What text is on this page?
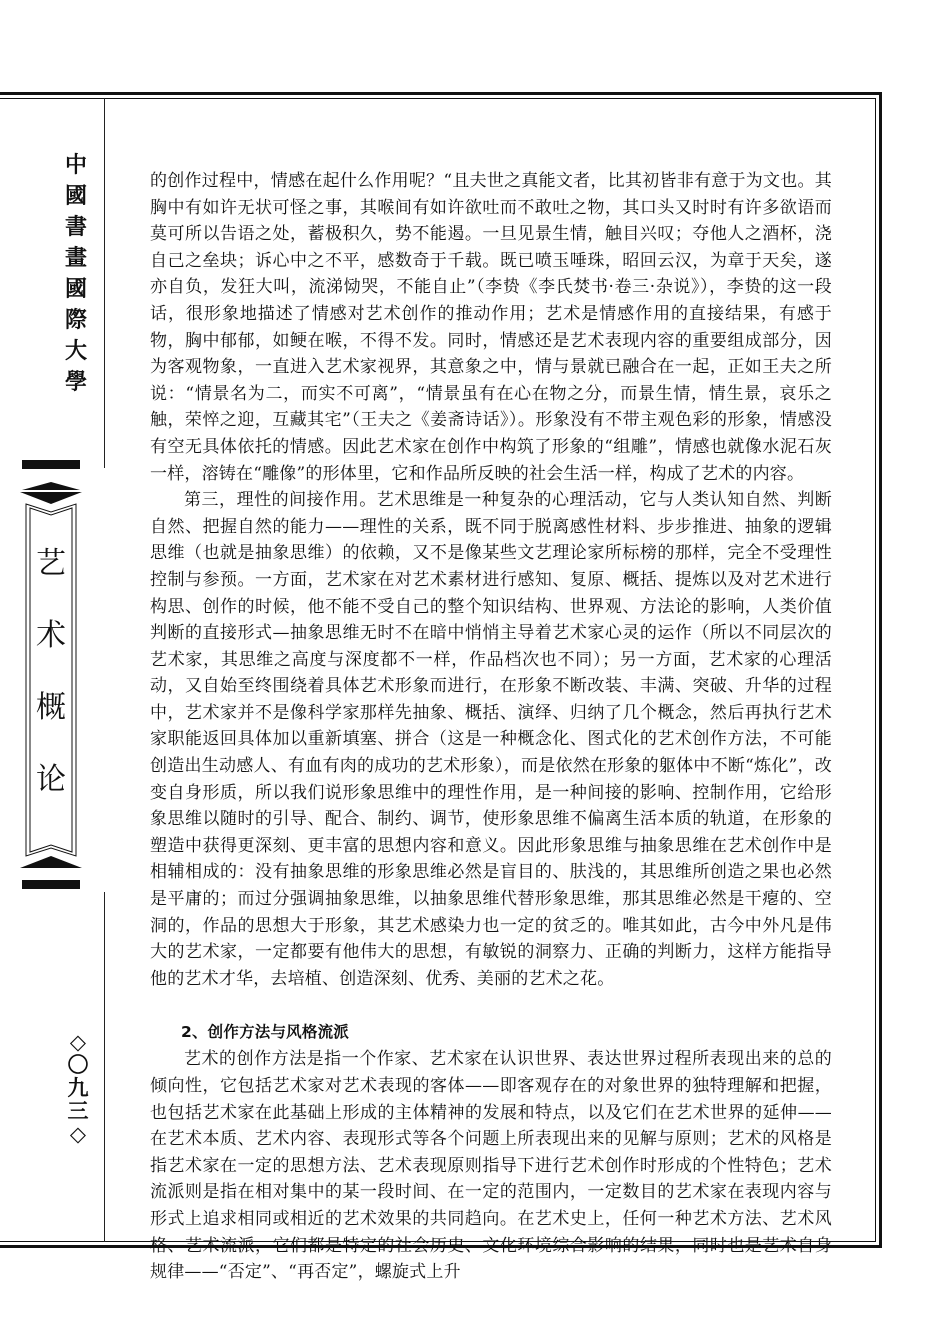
中
國
書
畫
國
際
大
學
艺
术
概
论
◇
〇
九
三
◇

的创作过程中，情感在起什么作用呢？“且夫世之真能文者，比其初皆非有意于为文也。其胸中有如许无状可怪之事，其喉间有如许欲吐而不敢吐之物，其口头又时时有许多欲语而莫可所以告语之处，蓄极积久，势不能遏。一旦见景生情，触目兴叹；夺他人之酒杯，浇自己之垒块；诉心中之不平，感数奇于千载。既已喷玉唾珠，昭回云汉，为章于天矣，遂亦自负，发狂大叫，流涕恸哭，不能自止”（李贽《李氏焚书·卷三·杂说》），李贽的这一段话，很形象地描述了情感对艺术创作的推动作用；艺术是情感作用的直接结果，有感于物，胸中郁郁，如鲠在喉，不得不发。同时，情感还是艺术表现内容的重要组成部分，因为客观物象，一直进入艺术家视界，其意象之中，情与景就已融合在一起，正如王夫之所说：“情景名为二，而实不可离”，“情景虽有在心在物之分，而景生情，情生景，哀乐之触，荣悴之迎，互藏其宅”（王夫之《姜斋诗话》）。形象没有不带主观色彩的形象，情感没有空无具体依托的情感。因此艺术家在创作中构筑了形象的“组雕”，情感也就像水泥石灰一样，溶铸在“雕像”的形体里，它和作品所反映的社会生活一样，构成了艺术的内容。

第三，理性的间接作用。艺术思维是一种复杂的心理活动，它与人类认知自然、判断自然、把握自然的能力——理性的关系，既不同于脱离感性材料、步步推进、抽象的逻辑思维（也就是抽象思维）的依赖，又不是像某些文艺理论家所标榜的那样，完全不受理性控制与参预。一方面，艺术家在对艺术素材进行感知、复原、概括、提炼以及对艺术进行构思、创作的时候，他不能不受自己的整个知识结构、世界观、方法论的影响，人类价值判断的直接形式—抽象思维无时不在暗中悄悄主导着艺术家心灵的运作（所以不同层次的艺术家，其思维之高度与深度都不一样，作品档次也不同）；另一方面，艺术家的心理活动，又自始至终围绕着具体艺术形象而进行，在形象不断改装、丰满、突破、升华的过程中，艺术家并不是像科学家那样先抽象、概括、演绎、归纳了几个概念，然后再执行艺术家职能返回具体加以重新填塞、拼合（这是一种概念化、图式化的艺术创作方法，不可能创造出生动感人、有血有肉的成功的艺术形象），而是依然在形象的躯体中不断“炼化”，改变自身形质，所以我们说形象思维中的理性作用，是一种间接的影响、控制作用，它给形象思维以随时的引导、配合、制约、调节，使形象思维不偏离生活本质的轨道，在形象的塑造中获得更深刻、更丰富的思想内容和意义。因此形象思维与抽象思维在艺术创作中是相辅相成的：没有抽象思维的形象思维必然是盲目的、肤浅的，其思维所创造之果也必然是平庸的；而过分强调抽象思维，以抽象思维代替形象思维，那其思维必然是干瘪的、空洞的，作品的思想大于形象，其艺术感染力也一定的贫乏的。唯其如此，古今中外凡是伟大的艺术家，一定都要有他伟大的思想，有敏锐的洞察力、正确的判断力，这样方能指导他的艺术才华，去培植、创造深刻、优秀、美丽的艺术之花。

2、创作方法与风格流派

艺术的创作方法是指一个作家、艺术家在认识世界、表达世界过程所表现出来的总的倾向性，它包括艺术家对艺术表现的客体——即客观存在的对象世界的独特理解和把握，也包括艺术家在此基础上形成的主体精神的发展和特点，以及它们在艺术世界的延伸——在艺术本质、艺术内容、表现形式等各个问题上所表现出来的见解与原则；艺术的风格是指艺术家在一定的思想方法、艺术表现原则指导下进行艺术创作时形成的个性特色；艺术流派则是指在相对集中的某一段时间、在一定的范围内，一定数目的艺术家在表现内容与形式上追求相同或相近的艺术效果的共同趋向。在艺术史上，任何一种艺术方法、艺术风格、艺术流派，它们都是特定的社会历史、文化环境综合影响的结果，同时也是艺术自身规律——“否定”、“再否定”，螺旋式上升
